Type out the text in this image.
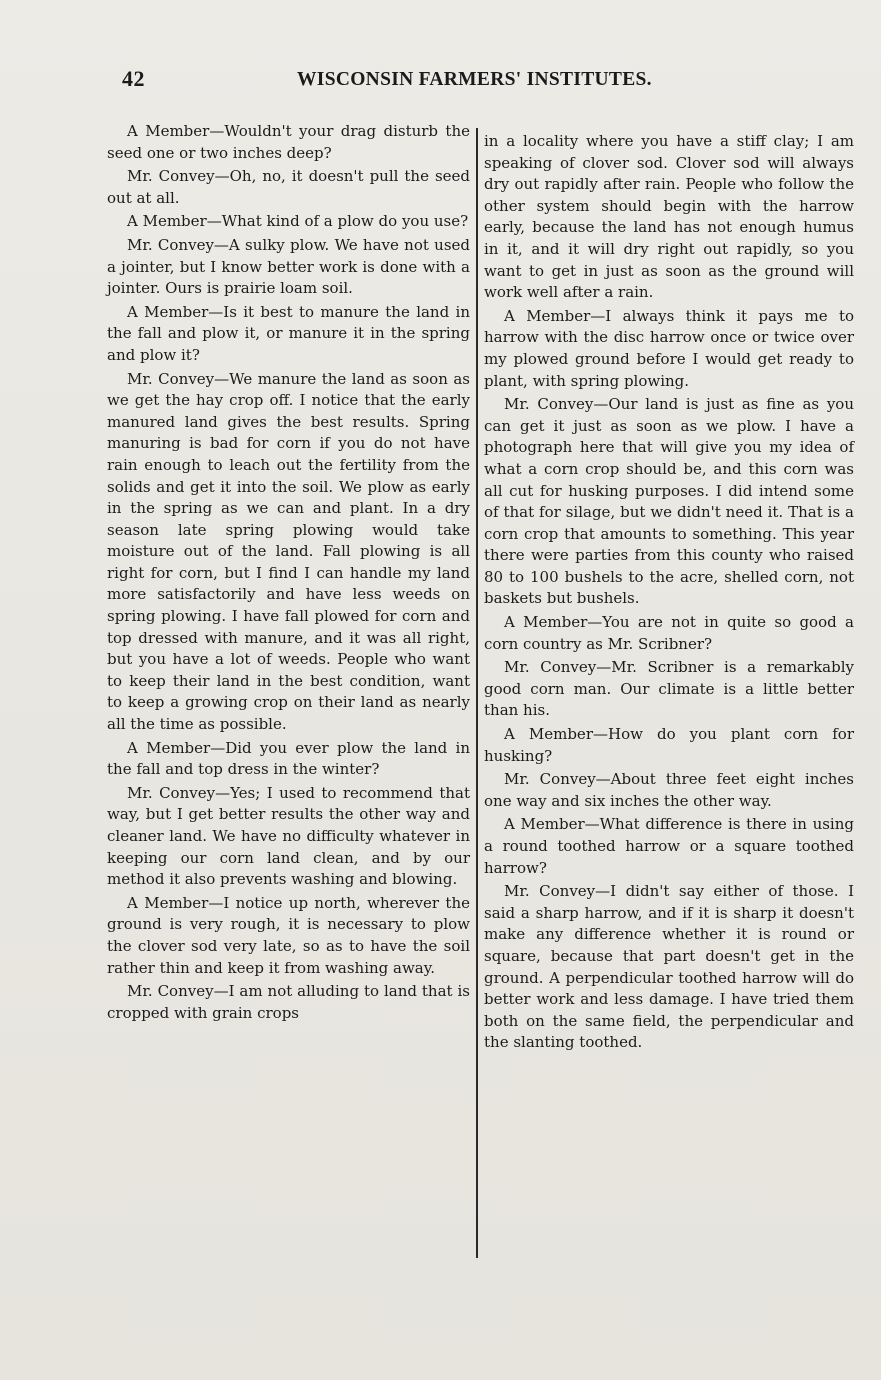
42	WISCONSIN FARMERS' INSTITUTES.

A Member—Wouldn't your drag disturb the seed one or two inches deep?

Mr. Convey—Oh, no, it doesn't pull the seed out at all.

A Member—What kind of a plow do you use?

Mr. Convey—A sulky plow. We have not used a jointer, but I know better work is done with a jointer. Ours is prairie loam soil.

A Member—Is it best to manure the land in the fall and plow it, or manure it in the spring and plow it?

Mr. Convey—We manure the land as soon as we get the hay crop off. I notice that the early manured land gives the best results. Spring manuring is bad for corn if you do not have rain enough to leach out the fertility from the solids and get it into the soil. We plow as early in the spring as we can and plant. In a dry season late spring plowing would take moisture out of the land. Fall plowing is all right for corn, but I find I can handle my land more satisfactorily and have less weeds on spring plowing. I have fall plowed for corn and top dressed with manure, and it was all right, but you have a lot of weeds. People who want to keep their land in the best condition, want to keep a growing crop on their land as nearly all the time as possible.

A Member—Did you ever plow the land in the fall and top dress in the winter?

Mr. Convey—Yes; I used to recommend that way, but I get better results the other way and cleaner land. We have no difficulty whatever in keeping our corn land clean, and by our method it also prevents washing and blowing.

A Member—I notice up north, wherever the ground is very rough, it is necessary to plow the clover sod very late, so as to have the soil rather thin and keep it from washing away.

Mr. Convey—I am not alluding to land that is cropped with grain crops

in a locality where you have a stiff clay; I am speaking of clover sod. Clover sod will always dry out rapidly after rain. People who follow the other system should begin with the harrow early, because the land has not enough humus in it, and it will dry right out rapidly, so you want to get in just as soon as the ground will work well after a rain.

A Member—I always think it pays me to harrow with the disc harrow once or twice over my plowed ground before I would get ready to plant, with spring plowing.

Mr. Convey—Our land is just as fine as you can get it just as soon as we plow. I have a photograph here that will give you my idea of what a corn crop should be, and this corn was all cut for husking purposes. I did intend some of that for silage, but we didn't need it. That is a corn crop that amounts to something. This year there were parties from this county who raised 80 to 100 bushels to the acre, shelled corn, not baskets but bushels.

A Member—You are not in quite so good a corn country as Mr. Scribner?

Mr. Convey—Mr. Scribner is a remarkably good corn man. Our climate is a little better than his.

A Member—How do you plant corn for husking?

Mr. Convey—About three feet eight inches one way and six inches the other way.

A Member—What difference is there in using a round toothed harrow or a square toothed harrow?

Mr. Convey—I didn't say either of those. I said a sharp harrow, and if it is sharp it doesn't make any difference whether it is round or square, because that part doesn't get in the ground. A perpendicular toothed harrow will do better work and less damage. I have tried them both on the same field, the perpendicular and the slanting toothed.
